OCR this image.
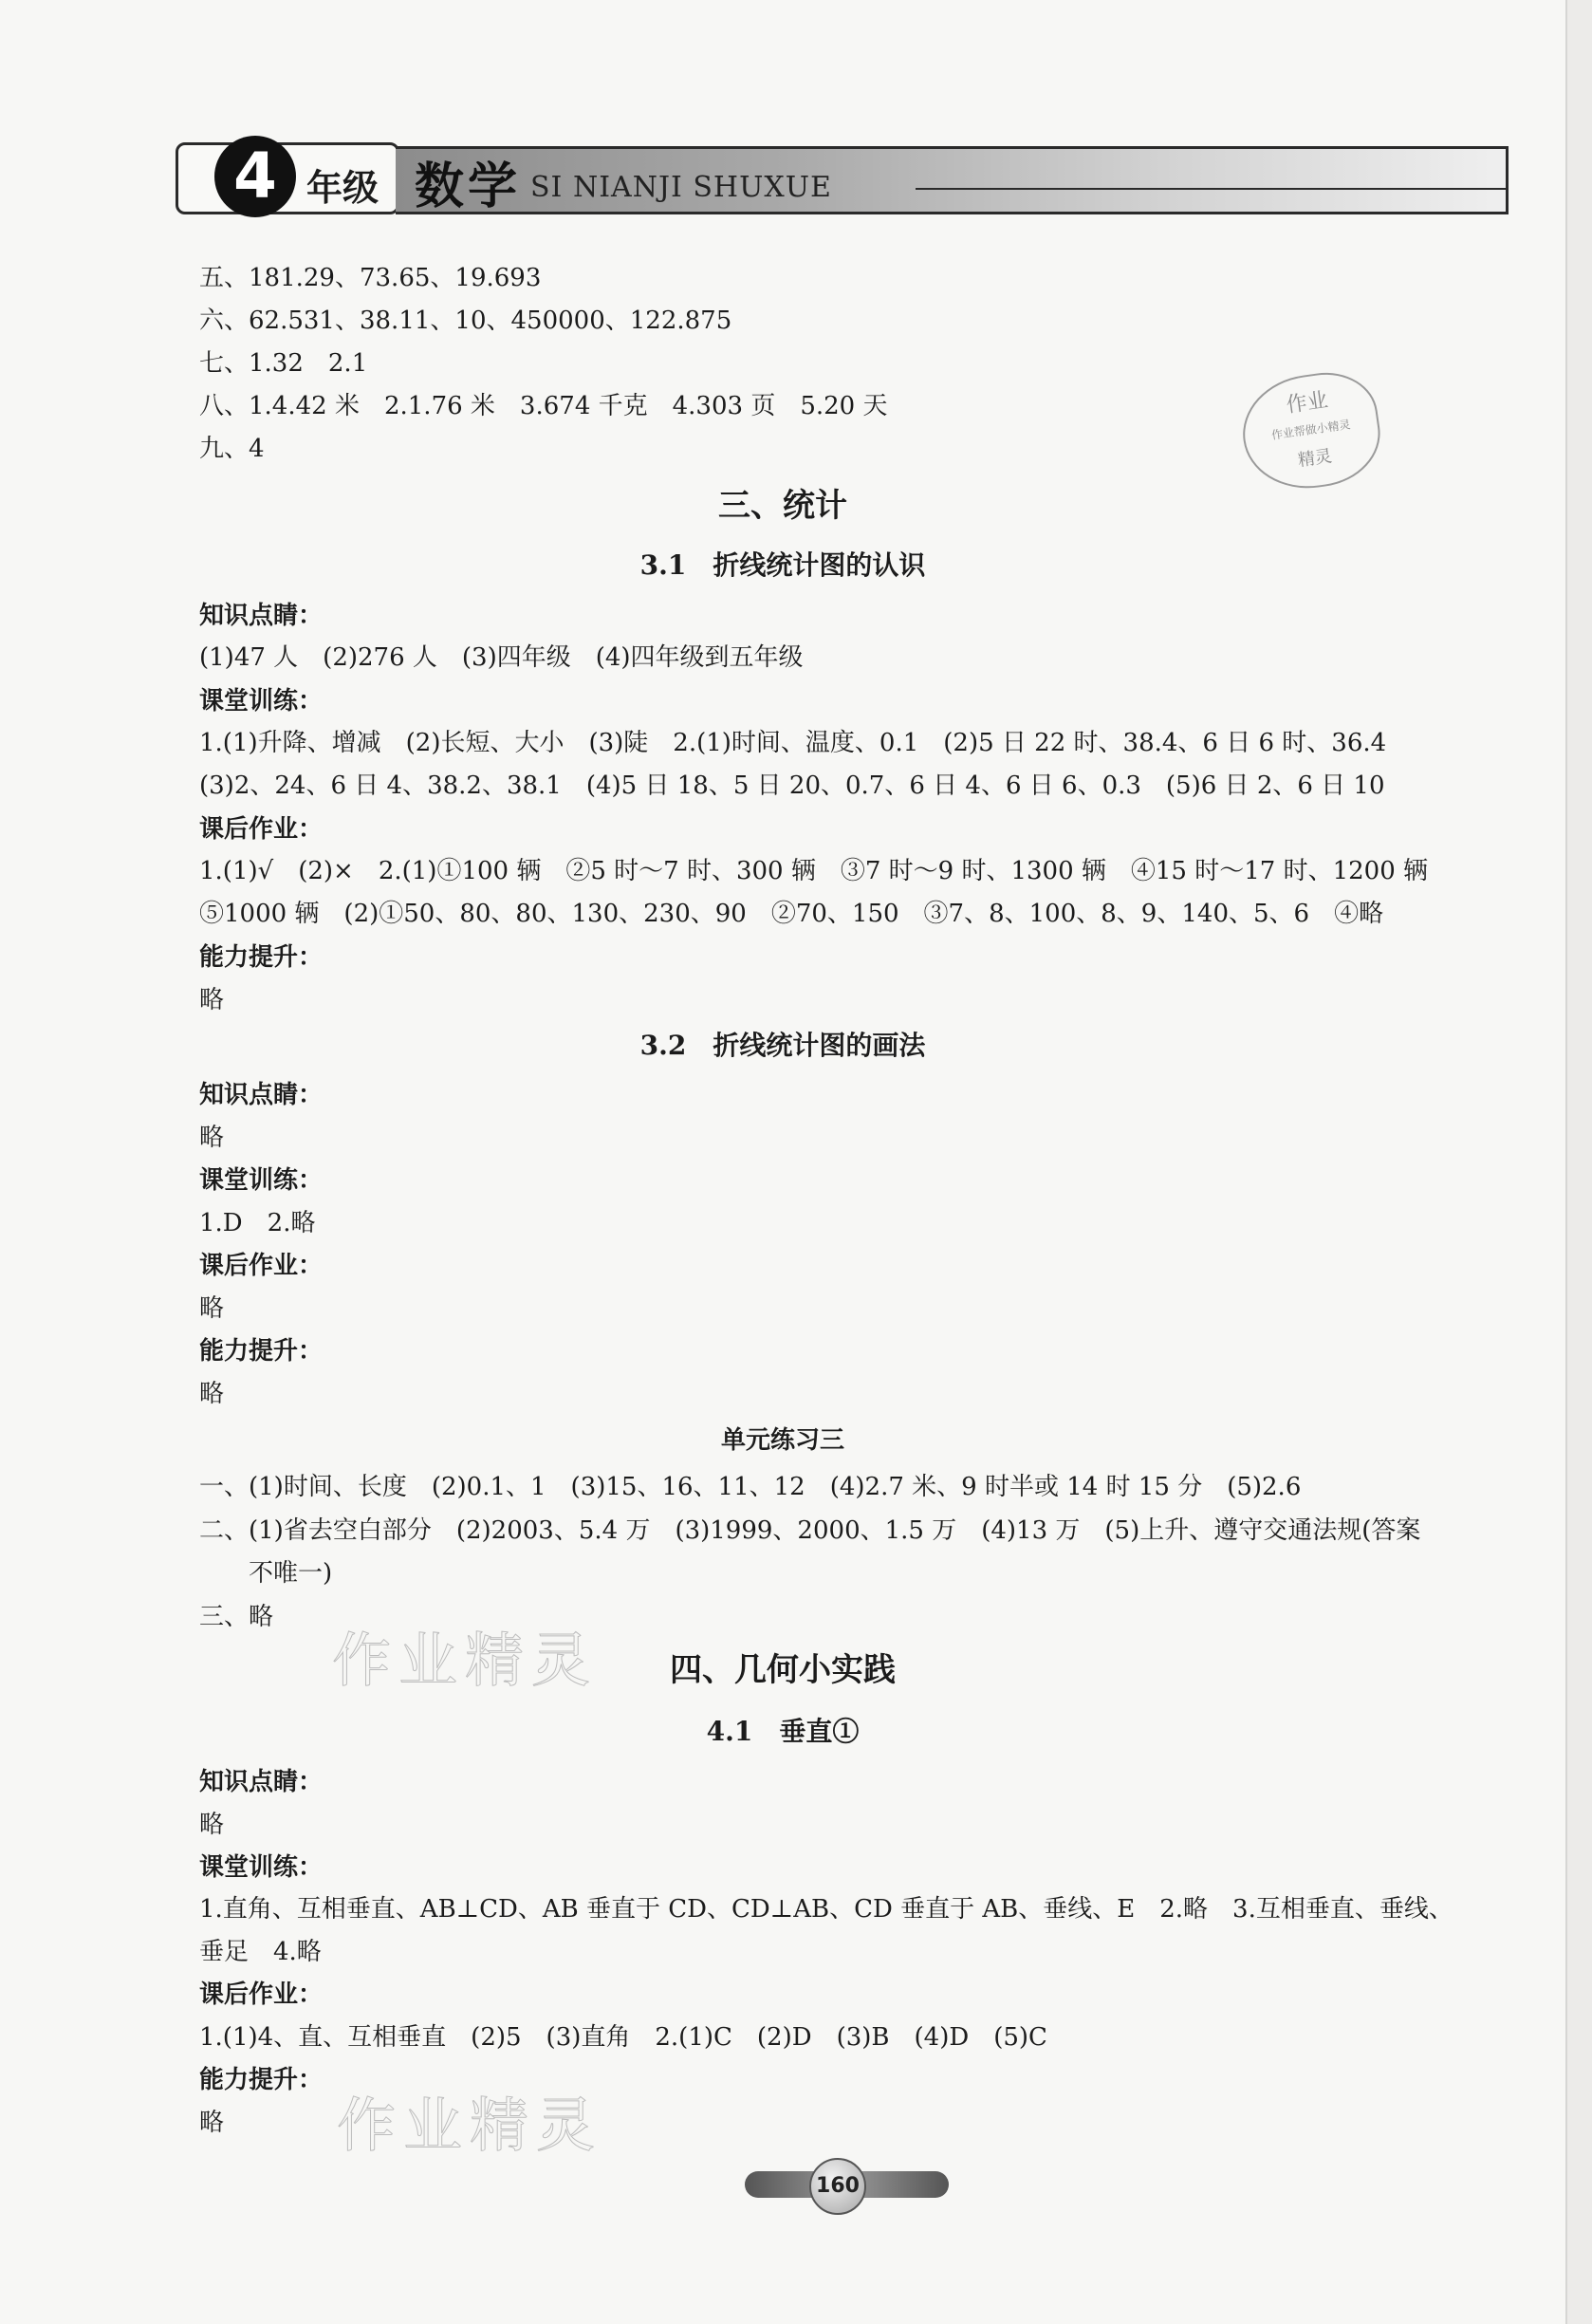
4 年级 数学 SI NIANJI SHUXUE
作业
作业帮做小精灵
精灵
五、181.29、73.65、19.693
六、62.531、38.11、10、450000、122.875
七、1.32　2.1
八、1.4.42 米　2.1.76 米　3.674 千克　4.303 页　5.20 天
九、4
三、统计
3.1　折线统计图的认识
知识点睛：
(1)47 人　(2)276 人　(3)四年级　(4)四年级到五年级
课堂训练：
1.(1)升降、增减　(2)长短、大小　(3)陡　2.(1)时间、温度、0.1　(2)5 日 22 时、38.4、6 日 6 时、36.4
(3)2、24、6 日 4、38.2、38.1　(4)5 日 18、5 日 20、0.7、6 日 4、6 日 6、0.3　(5)6 日 2、6 日 10
课后作业：
1.(1)√　(2)×　2.(1)①100 辆　②5 时～7 时、300 辆　③7 时～9 时、1300 辆　④15 时～17 时、1200 辆
⑤1000 辆　(2)①50、80、80、130、230、90　②70、150　③7、8、100、8、9、140、5、6　④略
能力提升：
略
3.2　折线统计图的画法
知识点睛：
略
课堂训练：
1.D　2.略
课后作业：
略
能力提升：
略
单元练习三
一、(1)时间、长度　(2)0.1、1　(3)15、16、11、12　(4)2.7 米、9 时半或 14 时 15 分　(5)2.6
二、(1)省去空白部分　(2)2003、5.4 万　(3)1999、2000、1.5 万　(4)13 万　(5)上升、遵守交通法规(答案
　　不唯一)
三、略
作业精灵	四、几何小实践
4.1　垂直①
知识点睛：
略
课堂训练：
1.直角、互相垂直、AB⊥CD、AB 垂直于 CD、CD⊥AB、CD 垂直于 AB、垂线、E　2.略　3.互相垂直、垂线、
垂足　4.略
课后作业：
1.(1)4、直、互相垂直　(2)5　(3)直角　2.(1)C　(2)D　(3)B　(4)D　(5)C
能力提升：
略 作业精灵
160
